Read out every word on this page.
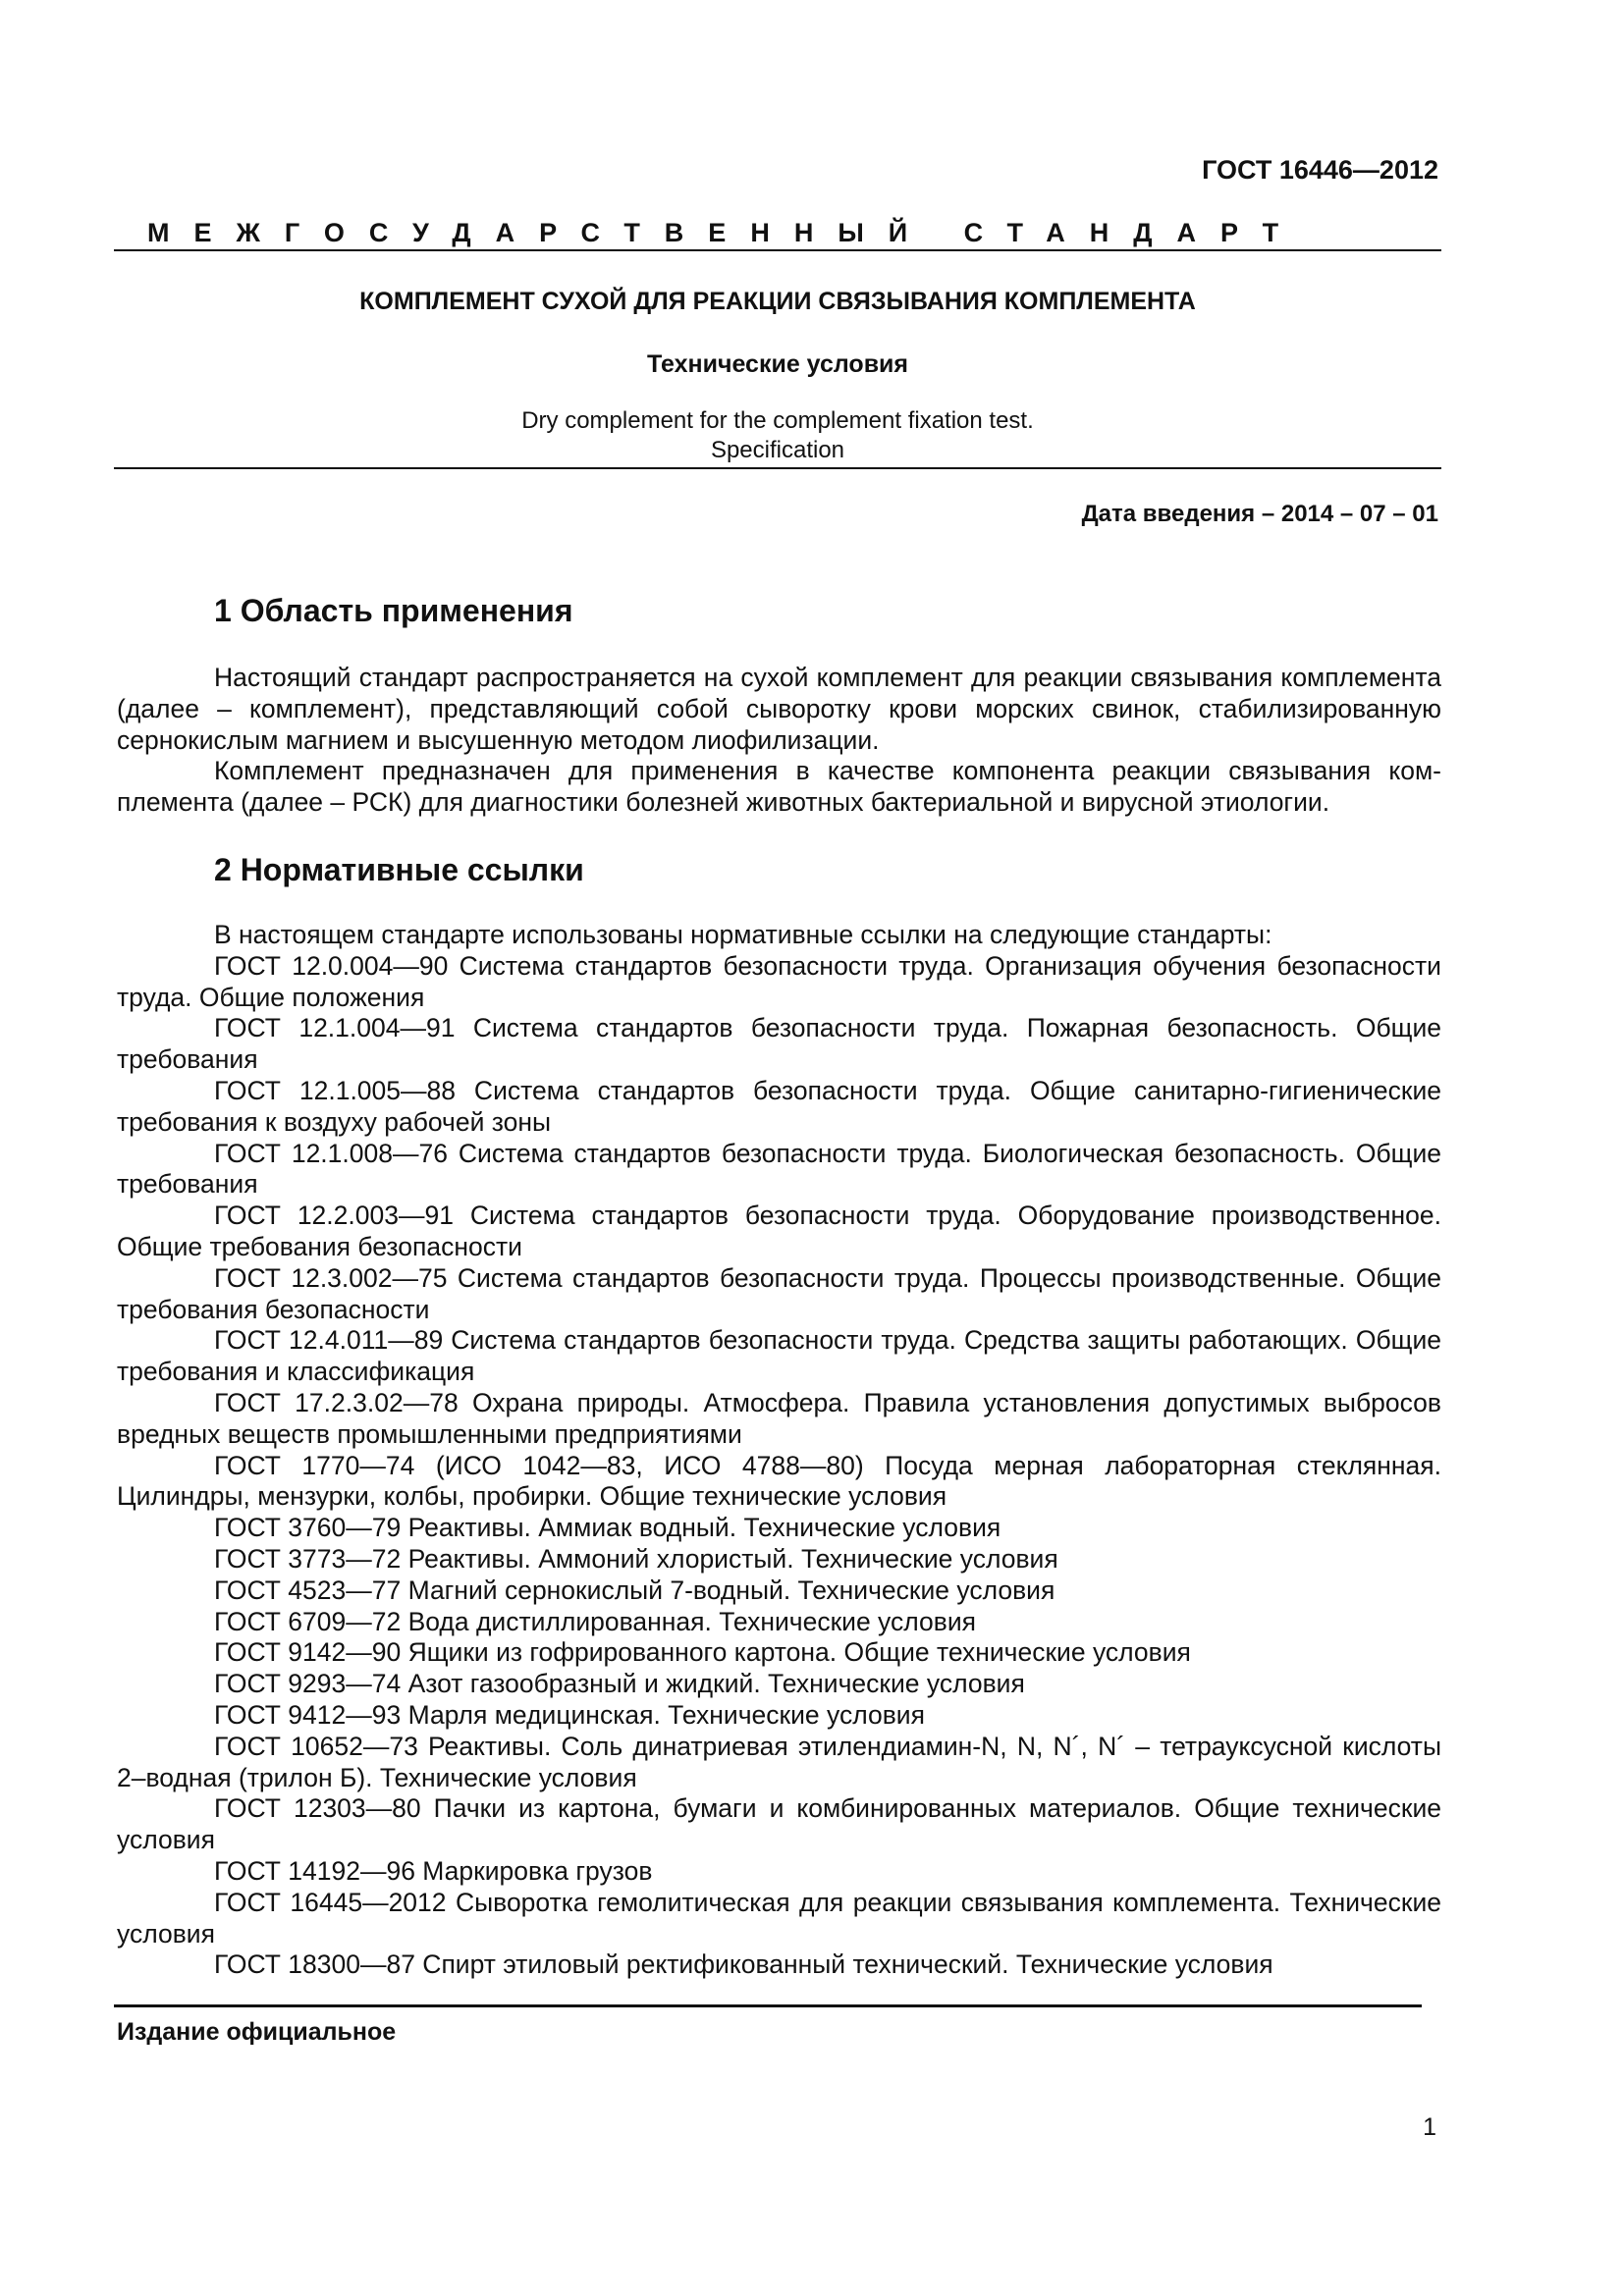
ГОСТ 16446—2012
МЕЖГОСУДАРСТВЕННЫЙ СТАНДАРТ
КОМПЛЕМЕНТ СУХОЙ ДЛЯ РЕАКЦИИ СВЯЗЫВАНИЯ КОМПЛЕМЕНТА
Технические условия
Dry complement for the complement fixation test.
Specification
Дата введения – 2014 – 07 – 01
1 Область применения

Настоящий стандарт распространяется на сухой комплемент для реакции связывания комплемента (далее – комплемент), представляющий собой сыворотку крови морских свинок, стабилизированную сернокислым магнием и высушенную методом лиофилизации.

Комплемент предназначен для применения в качестве компонента реакции связывания комплемента (далее – РСК) для диагностики болезней животных бактериальной и вирусной этиологии.

2 Нормативные ссылки

В настоящем стандарте использованы нормативные ссылки на следующие стандарты:

ГОСТ 12.0.004—90 Система стандартов безопасности труда. Организация обучения безопасности труда. Общие положения

ГОСТ 12.1.004—91 Система стандартов безопасности труда. Пожарная безопасность. Общие требования

ГОСТ 12.1.005—88 Система стандартов безопасности труда. Общие санитарно-гигиенические требования к воздуху рабочей зоны

ГОСТ 12.1.008—76 Система стандартов безопасности труда. Биологическая безопасность. Общие требования

ГОСТ 12.2.003—91 Система стандартов безопасности труда. Оборудование производственное. Общие требования безопасности

ГОСТ 12.3.002—75 Система стандартов безопасности труда. Процессы производственные. Общие требования безопасности

ГОСТ 12.4.011—89 Система стандартов безопасности труда. Средства защиты работающих. Общие требования и классификация

ГОСТ 17.2.3.02—78 Охрана природы. Атмосфера. Правила установления допустимых выбросов вредных веществ промышленными предприятиями

ГОСТ 1770—74 (ИСО 1042—83, ИСО 4788—80) Посуда мерная лабораторная стеклянная. Цилиндры, мензурки, колбы, пробирки. Общие технические условия

ГОСТ 3760—79 Реактивы. Аммиак водный. Технические условия

ГОСТ 3773—72 Реактивы. Аммоний хлористый. Технические условия

ГОСТ 4523—77 Магний сернокислый 7-водный. Технические условия

ГОСТ 6709—72 Вода дистиллированная. Технические условия

ГОСТ 9142—90 Ящики из гофрированного картона. Общие технические условия

ГОСТ 9293—74 Азот газообразный и жидкий. Технические условия

ГОСТ 9412—93 Марля медицинская. Технические условия

ГОСТ 10652—73 Реактивы. Соль динатриевая этилендиамин-N, N, N´, N´ – тетрауксусной кислоты 2–водная (трилон Б). Технические условия

ГОСТ 12303—80 Пачки из картона, бумаги и комбинированных материалов. Общие технические условия

ГОСТ 14192—96 Маркировка грузов

ГОСТ 16445—2012 Сыворотка гемолитическая для реакции связывания комплемента. Технические условия

ГОСТ 18300—87 Спирт этиловый ректификованный технический. Технические условия

Издание официальное
1
